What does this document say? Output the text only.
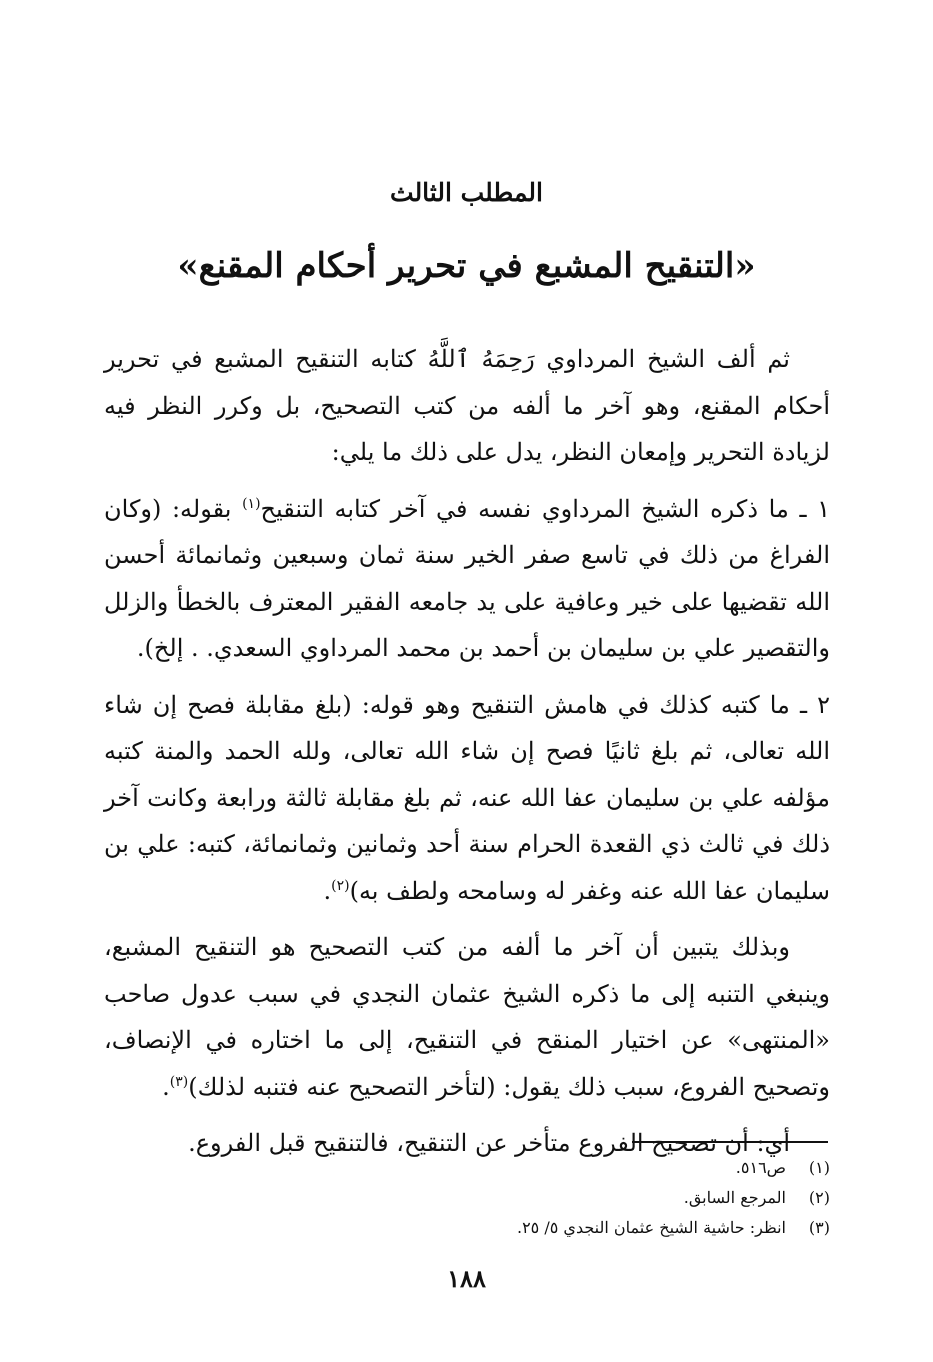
المطلب الثالث
«التنقيح المشبع في تحرير أحكام المقنع»

ثم ألف الشيخ المرداوي رَحِمَهُ ٱللَّهُ كتابه التنقيح المشبع في تحرير أحكام المقنع، وهو آخر ما ألفه من كتب التصحيح، بل وكرر النظر فيه لزيادة التحرير وإمعان النظر، يدل على ذلك ما يلي:

١ ـ ما ذكره الشيخ المرداوي نفسه في آخر كتابه التنقيح$^{(١)}$ بقوله: (وكان الفراغ من ذلك في تاسع صفر الخير سنة ثمان وسبعين وثمانمائة أحسن الله تقضيها على خير وعافية على يد جامعه الفقير المعترف بالخطأ والزلل والتقصير علي بن سليمان بن أحمد بن محمد المرداوي السعدي. . إلخ).

٢ ـ ما كتبه كذلك في هامش التنقيح وهو قوله: (بلغ مقابلة فصح إن شاء الله تعالى، ثم بلغ ثانيًا فصح إن شاء الله تعالى، ولله الحمد والمنة كتبه مؤلفه علي بن سليمان عفا الله عنه، ثم بلغ مقابلة ثالثة ورابعة وكانت آخر ذلك في ثالث ذي القعدة الحرام سنة أحد وثمانين وثمانمائة، كتبه: علي بن سليمان عفا الله عنه وغفر له وسامحه ولطف به)$^{(٢)}$.

وبذلك يتبين أن آخر ما ألفه من كتب التصحيح هو التنقيح المشبع، وينبغي التنبه إلى ما ذكره الشيخ عثمان النجدي في سبب عدول صاحب «المنتهى» عن اختيار المنقح في التنقيح، إلى ما اختاره في الإنصاف، وتصحيح الفروع، سبب ذلك يقول: (لتأخر التصحيح عنه فتنبه لذلك)$^{(٣)}$.

أي: أن تصحيح الفروع متأخر عن التنقيح، فالتنقيح قبل الفروع.

(١)
ص٥١٦.
(٢)
المرجع السابق.
(٣)
انظر: حاشية الشيخ عثمان النجدي ٥/ ٢٥.
١٨٨
